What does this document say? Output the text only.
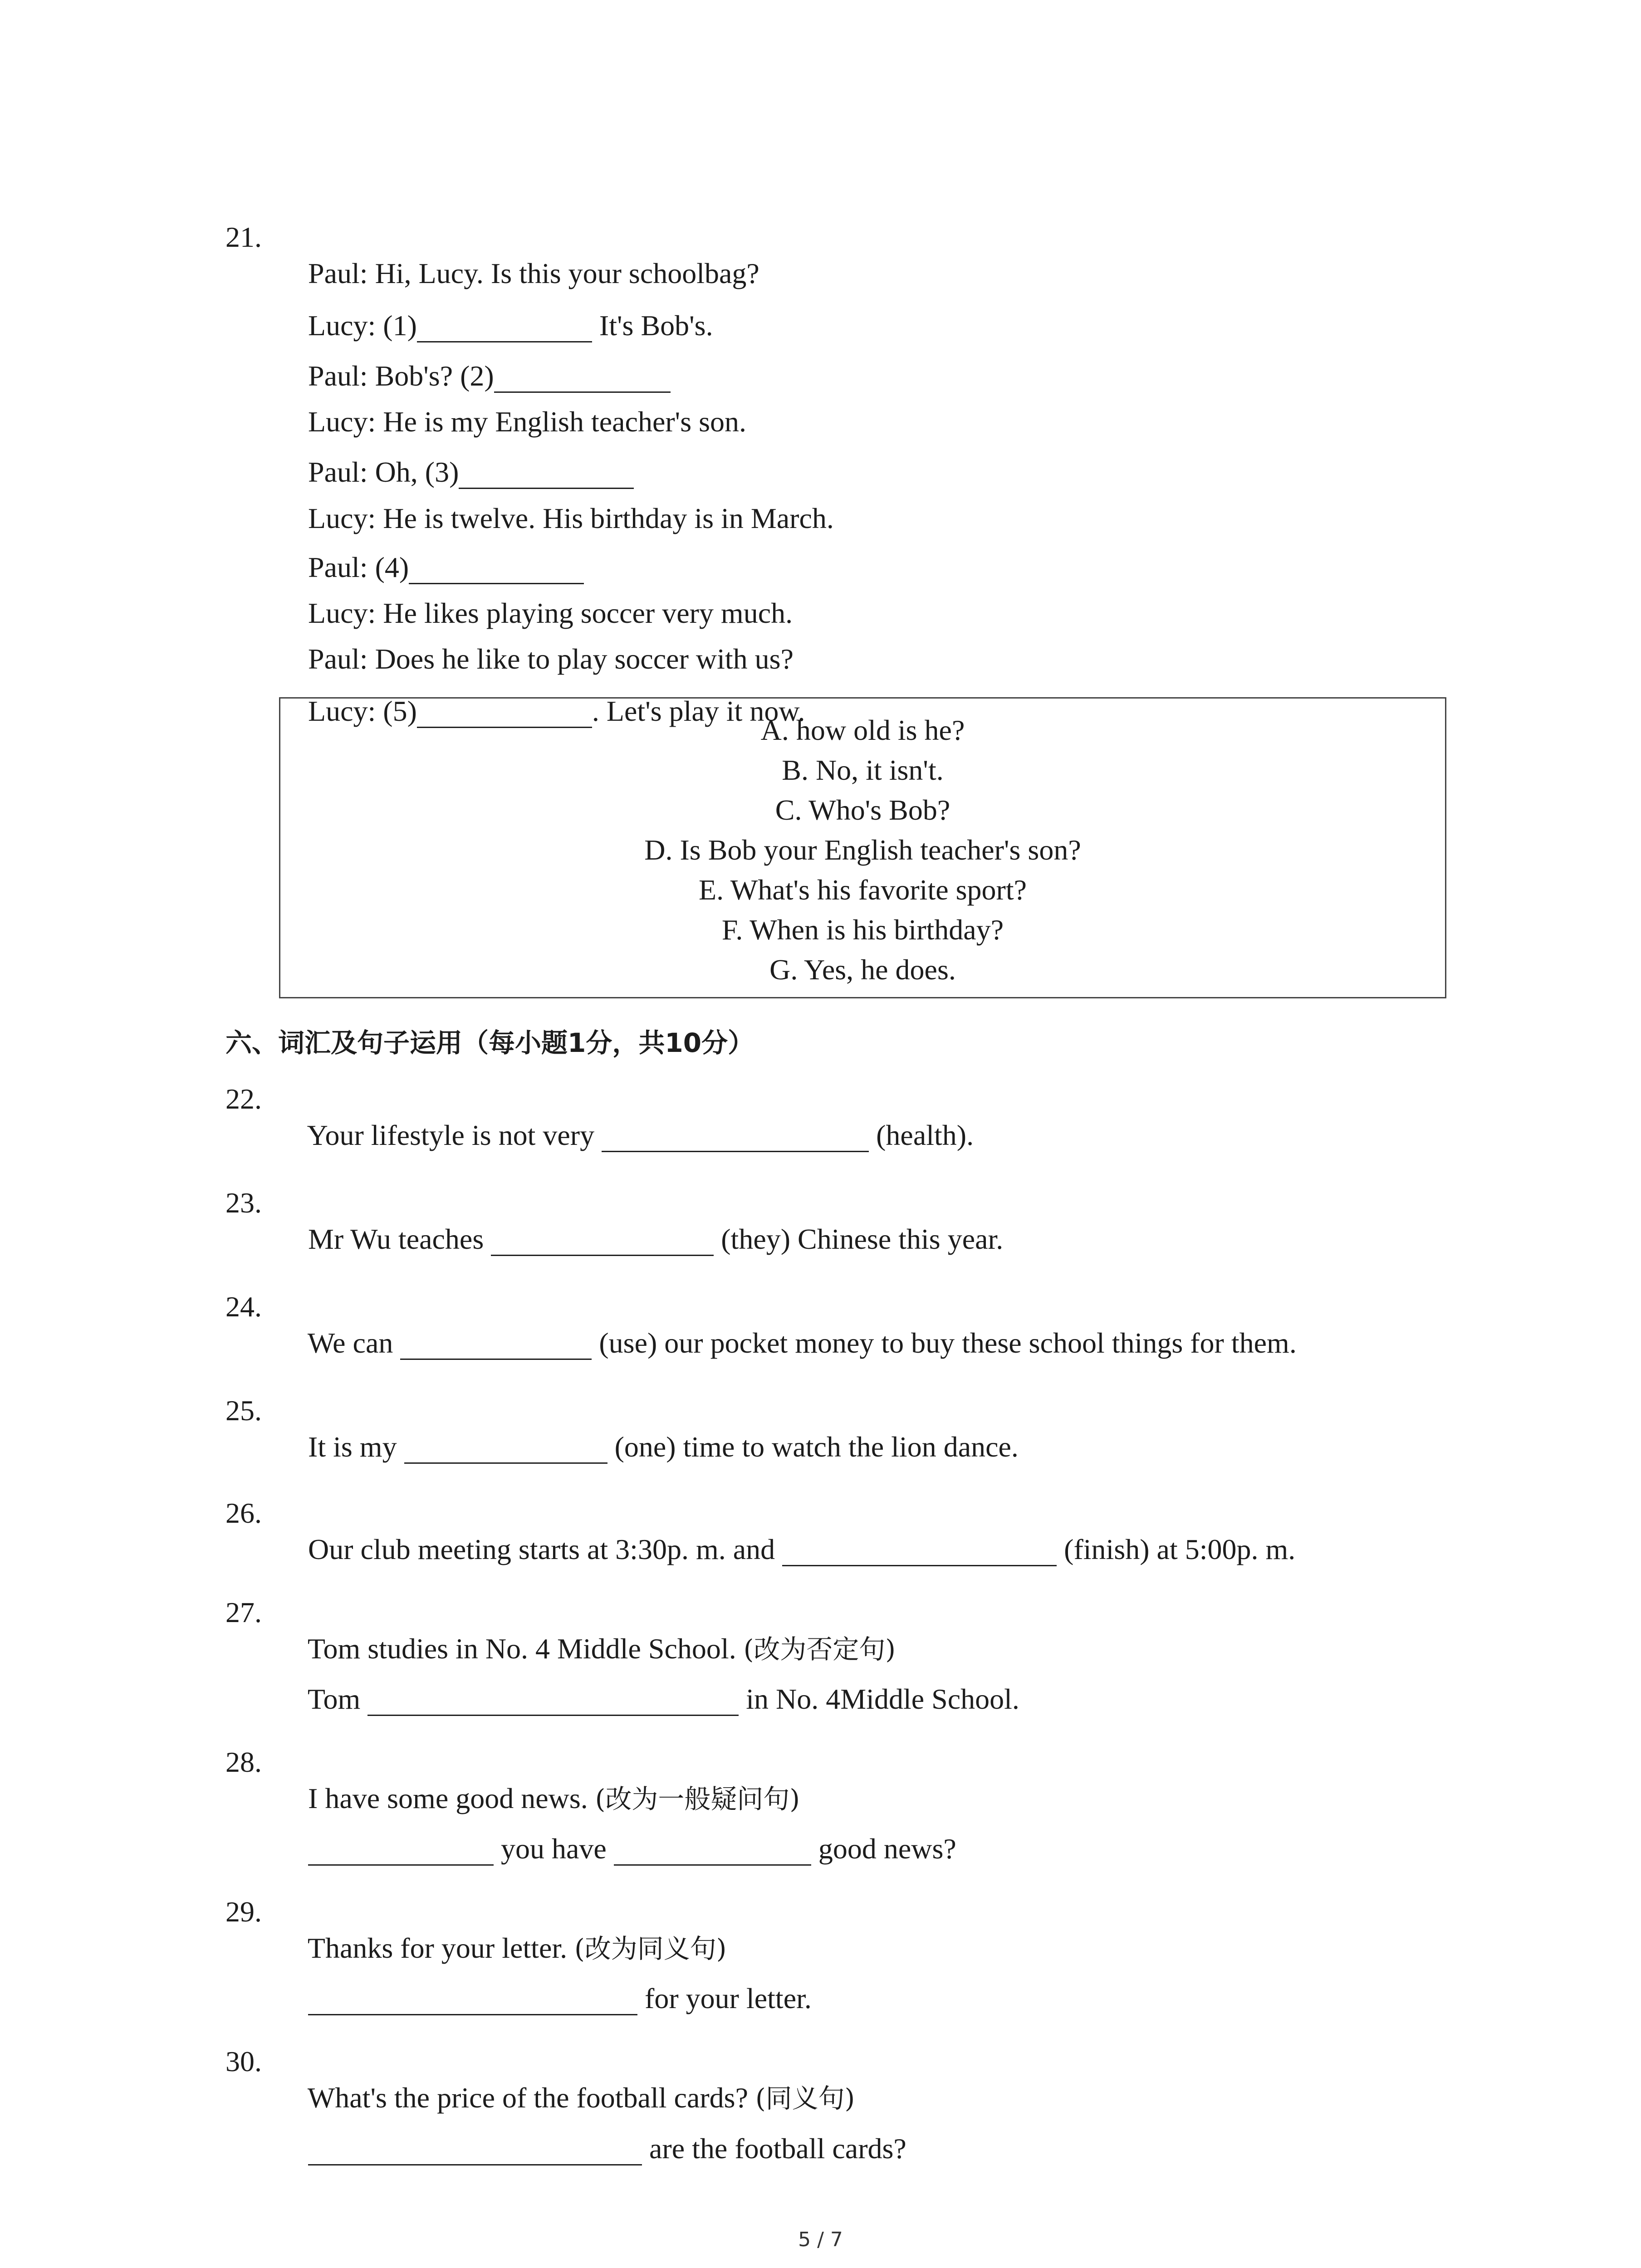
21.

Paul: Hi, Lucy. Is this your schoolbag?

Lucy: (1)	It's Bob's.

Paul: Bob's? (2)

Lucy: He is my English teacher's son.

Paul: Oh, (3)

Lucy: He is twelve. His birthday is in March.

Paul: (4)

Lucy: He likes playing soccer very much.

Paul: Does he like to play soccer with us?

Lucy: (5)	. Let's play it now.

A. how old is he?
B. No, it isn't.
C. Who's Bob?
D. Is Bob your English teacher's son?
E. What's his favorite sport?
F. When is his birthday?
G. Yes, he does.
六、词汇及句子运用（每小题1分，共10分）
22.

Your lifestyle is not very	(health).

23.

Mr Wu teaches	(they) Chinese this year.

24.

We can	(use) our pocket money to buy these school things for them.

25.

It is my	(one) time to watch the lion dance.

26.

Our club meeting starts at 3:30p. m. and	(finish) at 5:00p. m.

27.

Tom studies in No. 4 Middle School. (改为否定句)

Tom	in No. 4Middle School.

28.

I have some good news. (改为一般疑问句)

you have	good news?

29.

Thanks for your letter. (改为同义句)

for your letter.

30.

What's the price of the football cards? (同义句)

are the football cards?

5 / 7
